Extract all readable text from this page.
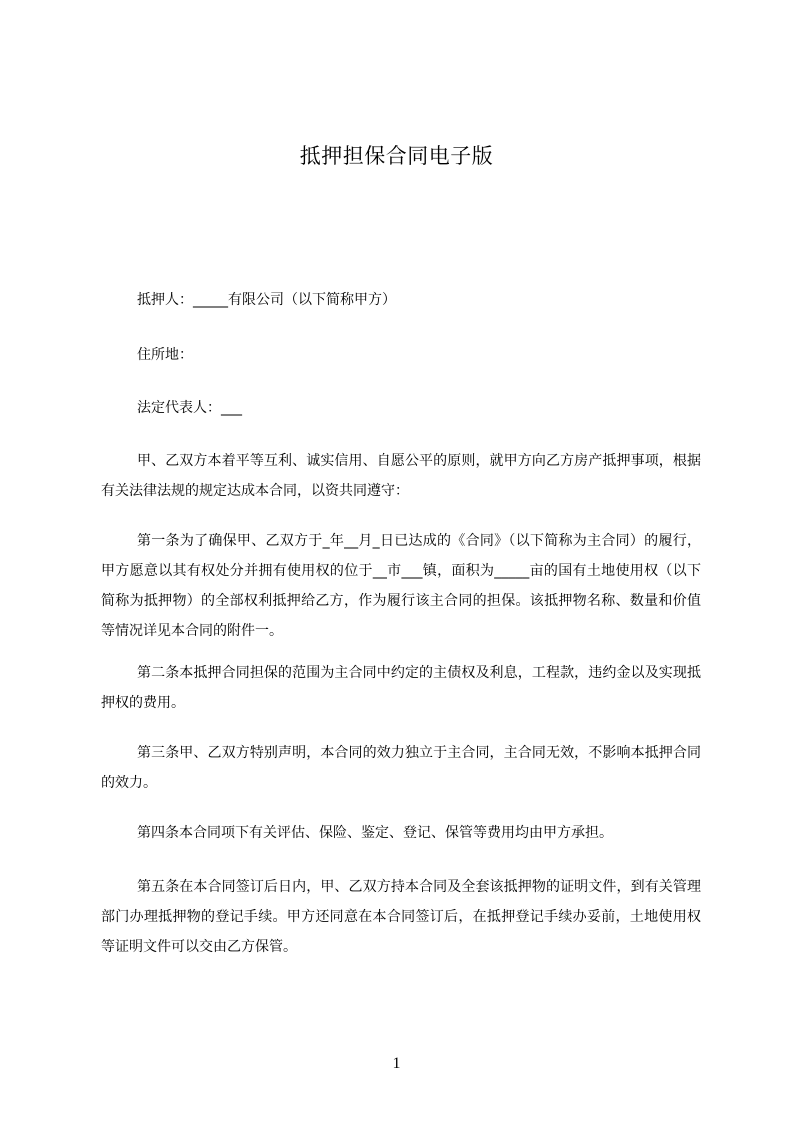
抵押担保合同电子版
抵押人：_____有限公司（以下简称甲方）
住所地：
法定代表人：___

甲、乙双方本着平等互利、诚实信用、自愿公平的原则，就甲方向乙方房产抵押事项，根据有关法律法规的规定达成本合同，以资共同遵守：

第一条为了确保甲、乙双方于_年__月_日已达成的《合同》（以下简称为主合同）的履行，甲方愿意以其有权处分并拥有使用权的位于__市___镇，面积为_____亩的国有土地使用权（以下简称为抵押物）的全部权利抵押给乙方，作为履行该主合同的担保。该抵押物名称、数量和价值等情况详见本合同的附件一。

第二条本抵押合同担保的范围为主合同中约定的主债权及利息，工程款，违约金以及实现抵押权的费用。

第三条甲、乙双方特别声明，本合同的效力独立于主合同，主合同无效，不影响本抵押合同的效力。

第四条本合同项下有关评估、保险、鉴定、登记、保管等费用均由甲方承担。

第五条在本合同签订后日内，甲、乙双方持本合同及全套该抵押物的证明文件，到有关管理部门办理抵押物的登记手续。甲方还同意在本合同签订后，在抵押登记手续办妥前，土地使用权等证明文件可以交由乙方保管。

1
